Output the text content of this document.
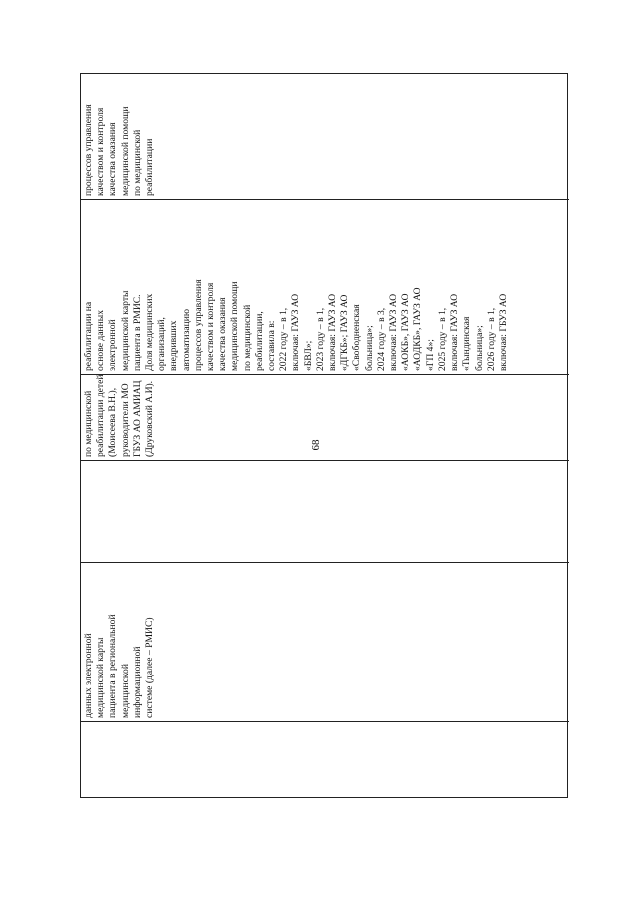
68

данных электронной медицинской карты пациента в региональной медицинской информационной системе (далее – РМИС)

по медицинской реабилитации детей (Моисеева В.Н.), руководители МО ГБУЗ АО АМИАЦ (Друковский А.И).

реабилитации на основе данных электронной медицинской карты пациента в РМИС. Доля медицинских организаций, внедривших автоматизацию процессов управления качеством и контроля качества оказания медицинской помощи по медицинской реабилитации, составила в: 2022 году – в 1, включая: ГАУЗ АО «БВЛ»; 2023 году – в 1, включая: ГАУЗ АО «ДГКБ»; ГАУЗ АО «Свободненская больница»; 2024 году – в 3, включая: ГАУЗ АО «АОКБ», ГАУЗ АО «АОДКБ», ГАУЗ АО «ГП 4»; 2025 году – в 1, включая: ГАУЗ АО «Тындинская больница»; 2026 году – в 1, включая: ГБУЗ АО

процессов управления качеством и контроля качества оказания медицинской помощи по медицинской реабилитации
